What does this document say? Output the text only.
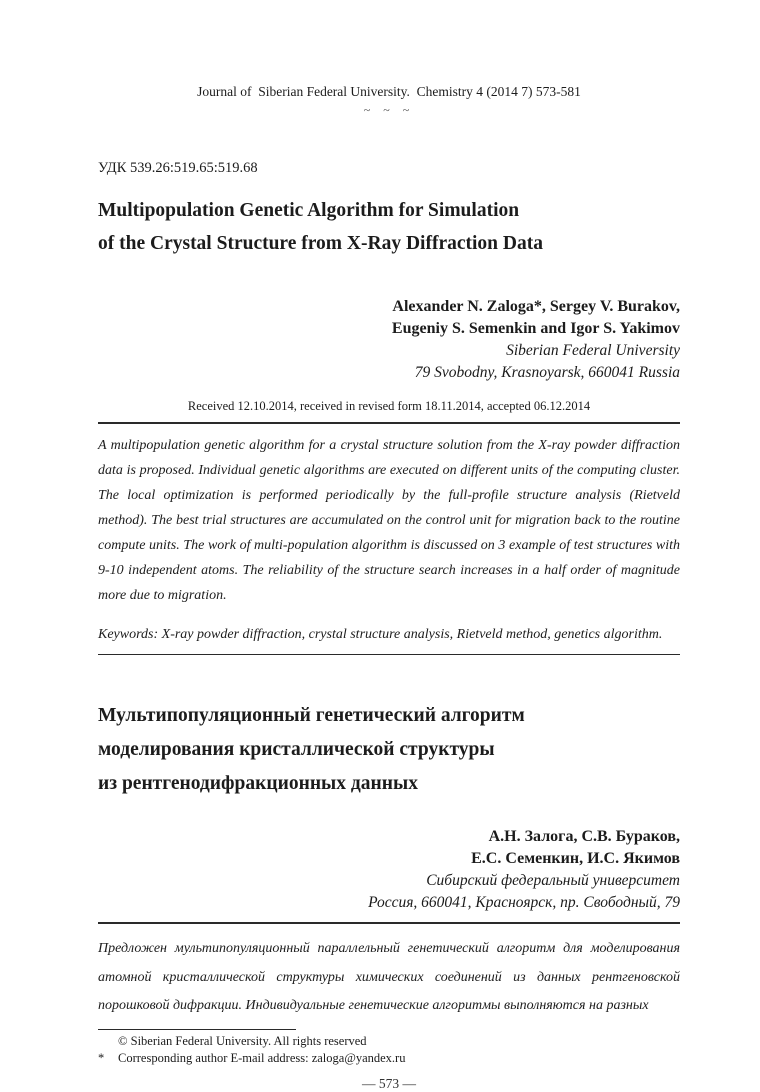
Journal of  Siberian Federal University.  Chemistry 4 (2014 7) 573-581
~ ~ ~
УДК 539.26:519.65:519.68
Multipopulation Genetic Algorithm for Simulation
of the Crystal Structure from X-Ray Diffraction Data
Alexander N. Zaloga*, Sergey V. Burakov,
Eugeniy S. Semenkin and Igor S. Yakimov
Siberian Federal University
79 Svobodny, Krasnoyarsk, 660041 Russia
Received 12.10.2014, received in revised form 18.11.2014, accepted 06.12.2014
A multipopulation genetic algorithm for a crystal structure solution from the X-ray powder diffraction data is proposed. Individual genetic algorithms are executed on different units of the computing cluster. The local optimization is performed periodically by the full-profile structure analysis (Rietveld method). The best trial structures are accumulated on the control unit for migration back to the routine compute units. The work of multi-population algorithm is discussed on 3 example of test structures with 9-10 independent atoms. The reliability of the structure search increases in a half order of magnitude more due to migration.
Keywords: X-ray powder diffraction, crystal structure analysis, Rietveld method, genetics algorithm.
Мультипопуляционный генетический алгоритм
моделирования кристаллической структуры
из рентгенодифракционных данных
А.Н. Залога, С.В. Бураков,
Е.С. Семенкин, И.С. Якимов
Сибирский федеральный университет
Россия, 660041, Красноярск, пр. Свободный, 79
Предложен мультипопуляционный параллельный генетический алгоритм для моделирования атомной кристаллической структуры химических соединений из данных рентгеновской порошковой дифракции. Индивидуальные генетические алгоритмы выполняются на разных
© Siberian Federal University. All rights reserved
*	Corresponding author E-mail address: zaloga@yandex.ru
— 573 —
